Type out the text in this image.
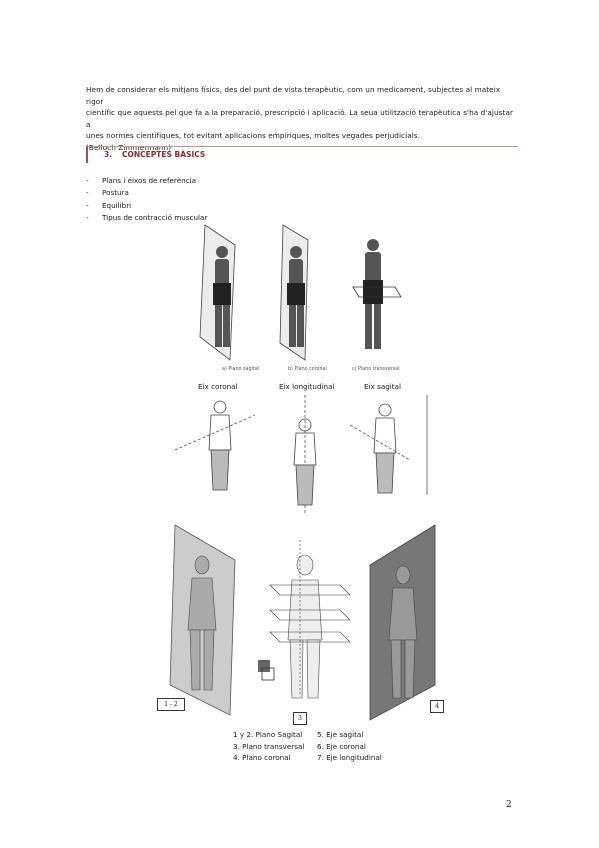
Hem de considerar els mitjans físics, des del punt de vista terapèutic, com un medicament, subjectes al mateix rigor

científic que aquests pel que fa a la preparació, prescripció i aplicació. La seua utilització terapèutica s'ha d'ajustar a

unes normes científiques, tot evitant aplicacions empíriques, moltes vegades perjudicials.

(Belloch Zimmermann)

3. CONCEPTES BÀSICS
- Plans i eixos de referència
- Postura
- Equilibri
- Tipus de contracció muscular
a) Plano sagital	b) Plano coronal	c) Plano transversal
Eix coronal	Eix longitudinal	Eix sagital
1 - 2
3
4
1 y 2. Plano Sagital
3. Plano transversal
4. Plano coronal
5. Eje sagital
6. Eje coronal
7. Eje longitudinal
2
